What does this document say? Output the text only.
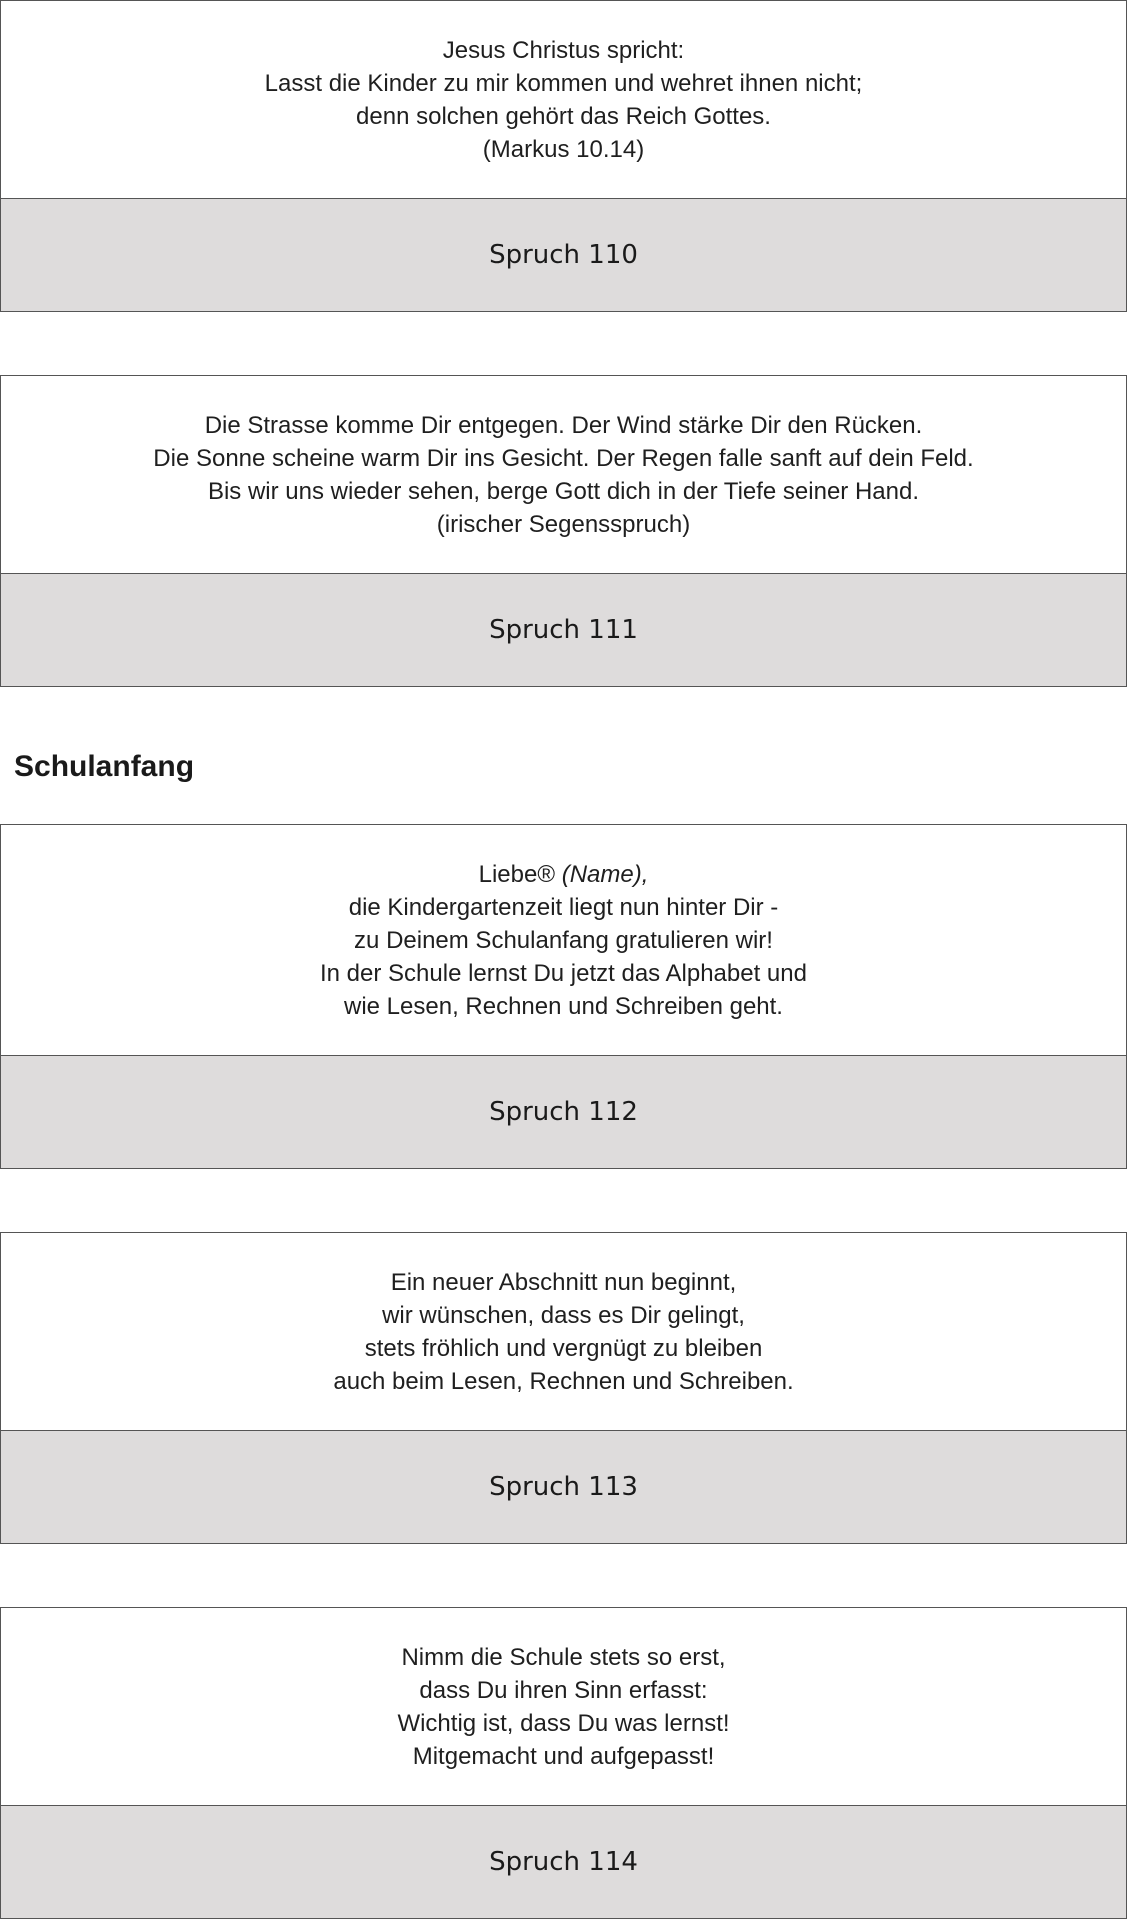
Jesus Christus spricht:
Lasst die Kinder zu mir kommen und wehret ihnen nicht;
denn solchen gehört das Reich Gottes.
(Markus 10.14)
Spruch 110
Die Strasse komme Dir entgegen. Der Wind stärke Dir den Rücken.
Die Sonne scheine warm Dir ins Gesicht. Der Regen falle sanft auf dein Feld.
Bis wir uns wieder sehen, berge Gott dich in der Tiefe seiner Hand.
(irischer Segensspruch)
Spruch 111
Schulanfang
Liebe® (Name),
die Kindergartenzeit liegt nun hinter Dir -
zu Deinem Schulanfang gratulieren wir!
In der Schule lernst Du jetzt das Alphabet und
wie Lesen, Rechnen und Schreiben geht.
Spruch 112
Ein neuer Abschnitt nun beginnt,
wir wünschen, dass es Dir gelingt,
stets fröhlich und vergnügt zu bleiben
auch beim Lesen, Rechnen und Schreiben.
Spruch 113
Nimm die Schule stets so erst,
dass Du ihren Sinn erfasst:
Wichtig ist, dass Du was lernst!
Mitgemacht und aufgepasst!
Spruch 114
